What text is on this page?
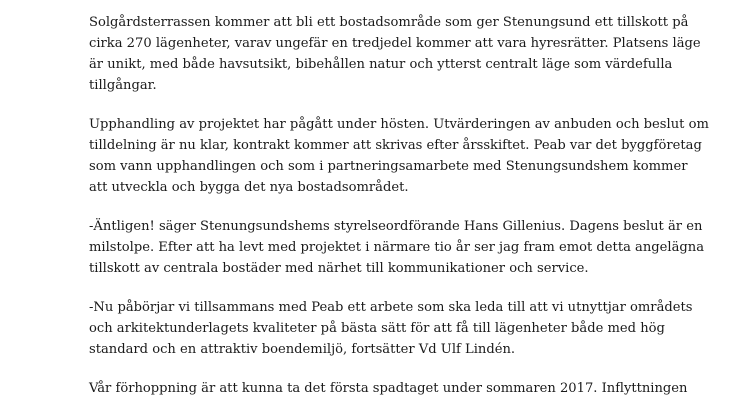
Solgårdsterrassen kommer att bli ett bostadsområde som ger Stenungsund ett tillskott på
cirka 270 lägenheter, varav ungefär en tredjedel kommer att vara hyresrätter. Platsens läge
är unikt, med både havsutsikt, bibehållen natur och ytterst centralt läge som värdefulla
tillgångar.

Upphandling av projektet har pågått under hösten. Utvärderingen av anbuden och beslut om
tilldelning är nu klar, kontrakt kommer att skrivas efter årsskiftet. Peab var det byggföretag
som vann upphandlingen och som i partneringsamarbete med Stenungsundshem kommer
att utveckla och bygga det nya bostadsområdet.

-Äntligen! säger Stenungsundshems styrelseordförande Hans Gillenius. Dagens beslut är en
milstolpe. Efter att ha levt med projektet i närmare tio år ser jag fram emot detta angelägna
tillskott av centrala bostäder med närhet till kommunikationer och service.

-Nu påbörjar vi tillsammans med Peab ett arbete som ska leda till att vi utnyttjar områdets
och arkitektunderlagets kvaliteter på bästa sätt för att få till lägenheter både med hög
standard och en attraktiv boendemiljö, fortsätter Vd Ulf Lindén.

Vår förhoppning är att kunna ta det första spadtaget under sommaren 2017. Inflyttningen
